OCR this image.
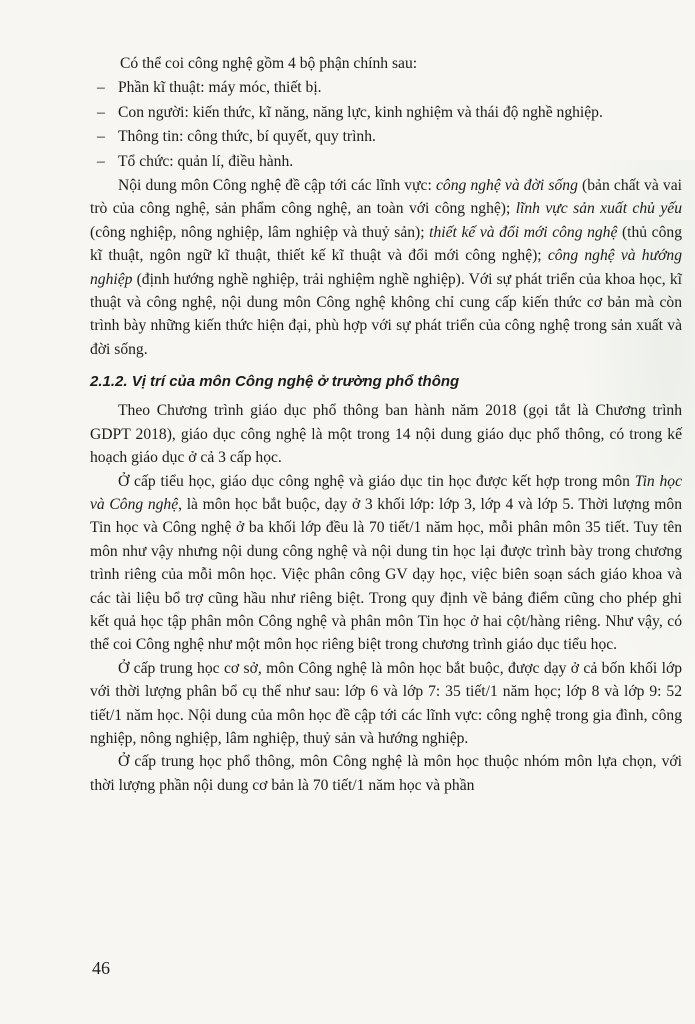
Có thể coi công nghệ gồm 4 bộ phận chính sau:

– Phần kĩ thuật: máy móc, thiết bị.

– Con người: kiến thức, kĩ năng, năng lực, kinh nghiệm và thái độ nghề nghiệp.

– Thông tin: công thức, bí quyết, quy trình.

– Tổ chức: quản lí, điều hành.

Nội dung môn Công nghệ đề cập tới các lĩnh vực: công nghệ và đời sống (bản chất và vai trò của công nghệ, sản phẩm công nghệ, an toàn với công nghệ); lĩnh vực sản xuất chủ yếu (công nghiệp, nông nghiệp, lâm nghiệp và thuỷ sản); thiết kế và đổi mới công nghệ (thủ công kĩ thuật, ngôn ngữ kĩ thuật, thiết kế kĩ thuật và đổi mới công nghệ); công nghệ và hướng nghiệp (định hướng nghề nghiệp, trải nghiệm nghề nghiệp). Với sự phát triển của khoa học, kĩ thuật và công nghệ, nội dung môn Công nghệ không chỉ cung cấp kiến thức cơ bản mà còn trình bày những kiến thức hiện đại, phù hợp với sự phát triển của công nghệ trong sản xuất và đời sống.

2.1.2. Vị trí của môn Công nghệ ở trường phổ thông

Theo Chương trình giáo dục phổ thông ban hành năm 2018 (gọi tắt là Chương trình GDPT 2018), giáo dục công nghệ là một trong 14 nội dung giáo dục phổ thông, có trong kế hoạch giáo dục ở cả 3 cấp học.

Ở cấp tiểu học, giáo dục công nghệ và giáo dục tin học được kết hợp trong môn Tin học và Công nghệ, là môn học bắt buộc, dạy ở 3 khối lớp: lớp 3, lớp 4 và lớp 5. Thời lượng môn Tin học và Công nghệ ở ba khối lớp đều là 70 tiết/1 năm học, mỗi phân môn 35 tiết. Tuy tên môn như vậy nhưng nội dung công nghệ và nội dung tin học lại được trình bày trong chương trình riêng của mỗi môn học. Việc phân công GV dạy học, việc biên soạn sách giáo khoa và các tài liệu bổ trợ cũng hầu như riêng biệt. Trong quy định về bảng điểm cũng cho phép ghi kết quả học tập phân môn Công nghệ và phân môn Tin học ở hai cột/hàng riêng. Như vậy, có thể coi Công nghệ như một môn học riêng biệt trong chương trình giáo dục tiểu học.

Ở cấp trung học cơ sở, môn Công nghệ là môn học bắt buộc, được dạy ở cả bốn khối lớp với thời lượng phân bổ cụ thể như sau: lớp 6 và lớp 7: 35 tiết/1 năm học; lớp 8 và lớp 9: 52 tiết/1 năm học. Nội dung của môn học đề cập tới các lĩnh vực: công nghệ trong gia đình, công nghiệp, nông nghiệp, lâm nghiệp, thuỷ sản và hướng nghiệp.

Ở cấp trung học phổ thông, môn Công nghệ là môn học thuộc nhóm môn lựa chọn, với thời lượng phần nội dung cơ bản là 70 tiết/1 năm học và phần

46
